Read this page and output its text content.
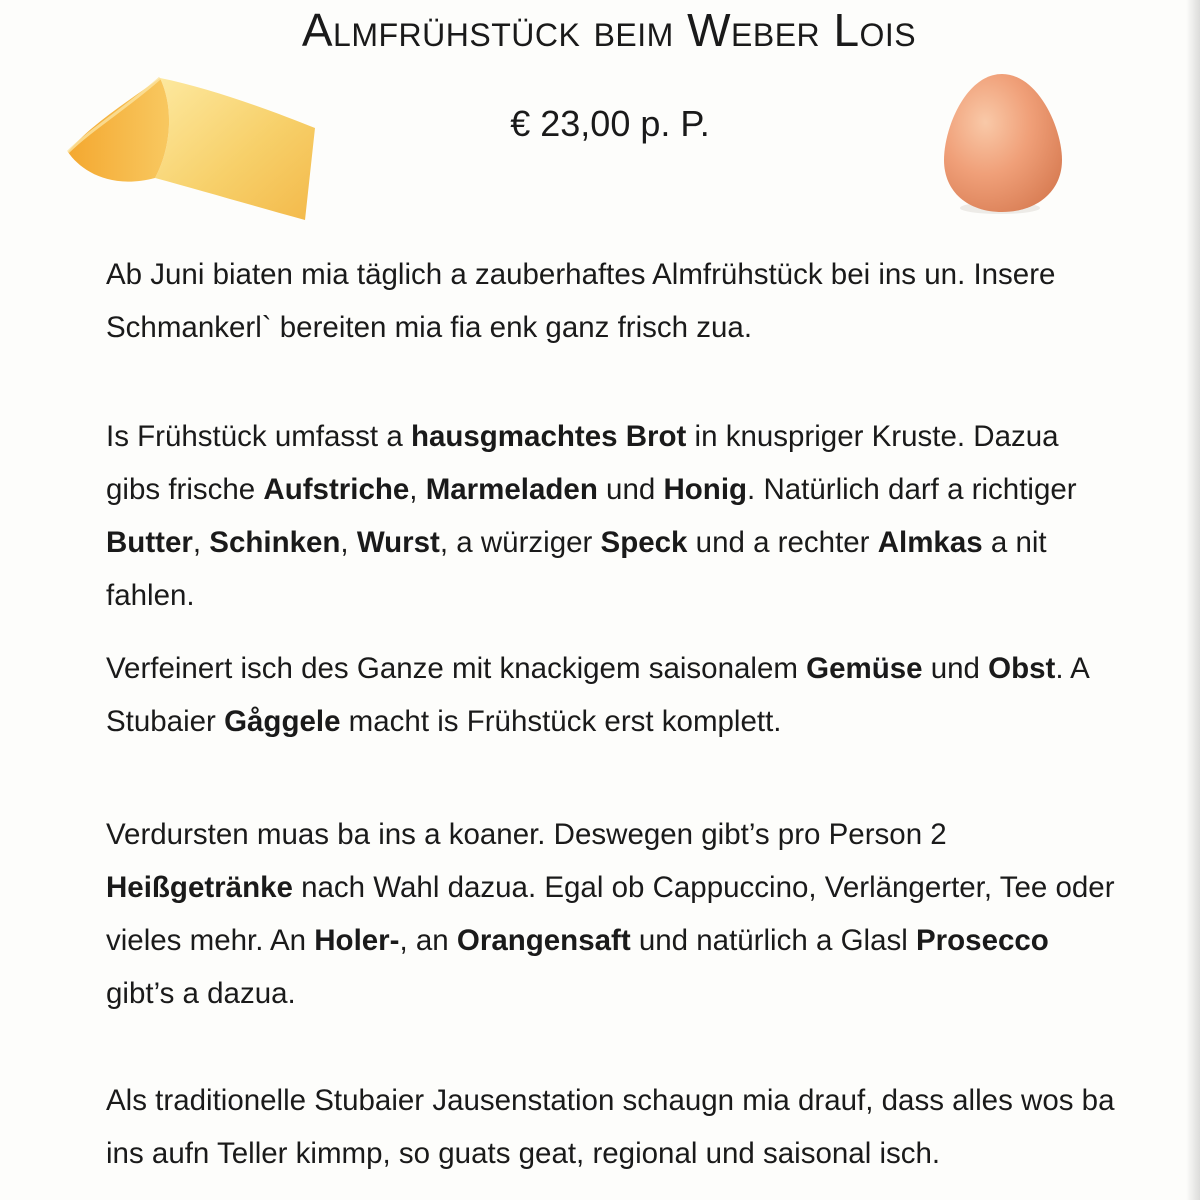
Almfrühstück beim Weber Lois
€ 23,00 p. P.

Ab Juni biaten mia täglich a zauberhaftes Almfrühstück bei ins un. Insere Schmankerl` bereiten mia fia enk ganz frisch zua.

Is Frühstück umfasst a hausgmachtes Brot in knuspriger Kruste. Dazua gibs frische Aufstriche, Marmeladen und Honig. Natürlich darf a richtiger Butter, Schinken, Wurst, a würziger Speck und a rechter Almkas a nit fahlen.

Verfeinert isch des Ganze mit knackigem saisonalem Gemüse und Obst. A Stubaier Gåggele macht is Frühstück erst komplett.

Verdursten muas ba ins a koaner. Deswegen gibt’s pro Person 2 Heißgetränke nach Wahl dazua. Egal ob Cappuccino, Verlängerter, Tee oder vieles mehr. An Holer-, an Orangensaft und natürlich a Glasl Prosecco gibt’s a dazua.

Als traditionelle Stubaier Jausenstation schaugn mia drauf, dass alles wos ba ins aufn Teller kimmp, so guats geat, regional und saisonal isch.
